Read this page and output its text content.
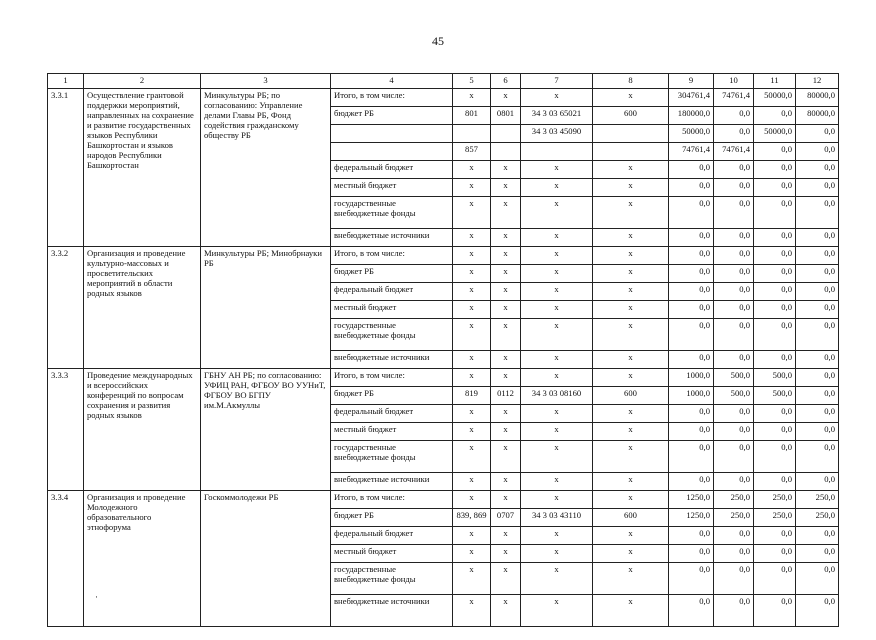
45
1	2	3	4	5	6	7	8	9	10	11	12
3.3.1	Осуществление грантовой поддержки мероприятий, направленных на сохранение и развитие государственных языков Республики Башкортостан и языков народов Республики Башкортостан	Минкультуры РБ; по согласованию: Управление делами Главы РБ, Фонд содействия гражданскому обществу РБ	Итого, в том числе:	х	х	х	х	304761,4	74761,4	50000,0	80000,0
			бюджет РБ	801	0801	34 3 03 65021	600	180000,0	0,0	0,0	80000,0
						34 3 03 45090		50000,0	0,0	50000,0	0,0
				857				74761,4	74761,4	0,0	0,0
			федеральный бюджет	х	х	х	х	0,0	0,0	0,0	0,0
			местный бюджет	х	х	х	х	0,0	0,0	0,0	0,0
			государственные внебюджетные фонды	х	х	х	х	0,0	0,0	0,0	0,0
			внебюджетные источники	х	х	х	х	0,0	0,0	0,0	0,0
3.3.2	Организация и проведение культурно-массовых и просветительских мероприятий в области родных языков	Минкультуры РБ; Минобрнауки РБ	Итого, в том числе:	х	х	х	х	0,0	0,0	0,0	0,0
			бюджет РБ	х	х	х	х	0,0	0,0	0,0	0,0
			федеральный бюджет	х	х	х	х	0,0	0,0	0,0	0,0
			местный бюджет	х	х	х	х	0,0	0,0	0,0	0,0
			государственные внебюджетные фонды	х	х	х	х	0,0	0,0	0,0	0,0
			внебюджетные источники	х	х	х	х	0,0	0,0	0,0	0,0
3.3.3	Проведение международных и всероссийских конференций по вопросам сохранения и развития родных языков	ГБНУ АН РБ; по согласованию: УФИЦ РАН, ФГБОУ ВО УУНиТ, ФГБОУ ВО БГПУ им.М.Акмуллы	Итого, в том числе:	х	х	х	х	1000,0	500,0	500,0	0,0
			бюджет РБ	819	0112	34 3 03 08160	600	1000,0	500,0	500,0	0,0
			федеральный бюджет	х	х	х	х	0,0	0,0	0,0	0,0
			местный бюджет	х	х	х	х	0,0	0,0	0,0	0,0
			государственные внебюджетные фонды	х	х	х	х	0,0	0,0	0,0	0,0
			внебюджетные источники	х	х	х	х	0,0	0,0	0,0	0,0
3.3.4	Организация и проведение Молодежного образовательного этнофорума	Госкоммолодежи РБ	Итого, в том числе:	х	х	х	х	1250,0	250,0	250,0	250,0
			бюджет РБ	839, 869	0707	34 3 03 43110	600	1250,0	250,0	250,0	250,0
			федеральный бюджет	х	х	х	х	0,0	0,0	0,0	0,0
			местный бюджет	х	х	х	х	0,0	0,0	0,0	0,0
			государственные внебюджетные фонды	х	х	х	х	0,0	0,0	0,0	0,0
			внебюджетные источники	х	х	х	х	0,0	0,0	0,0	0,0
·
